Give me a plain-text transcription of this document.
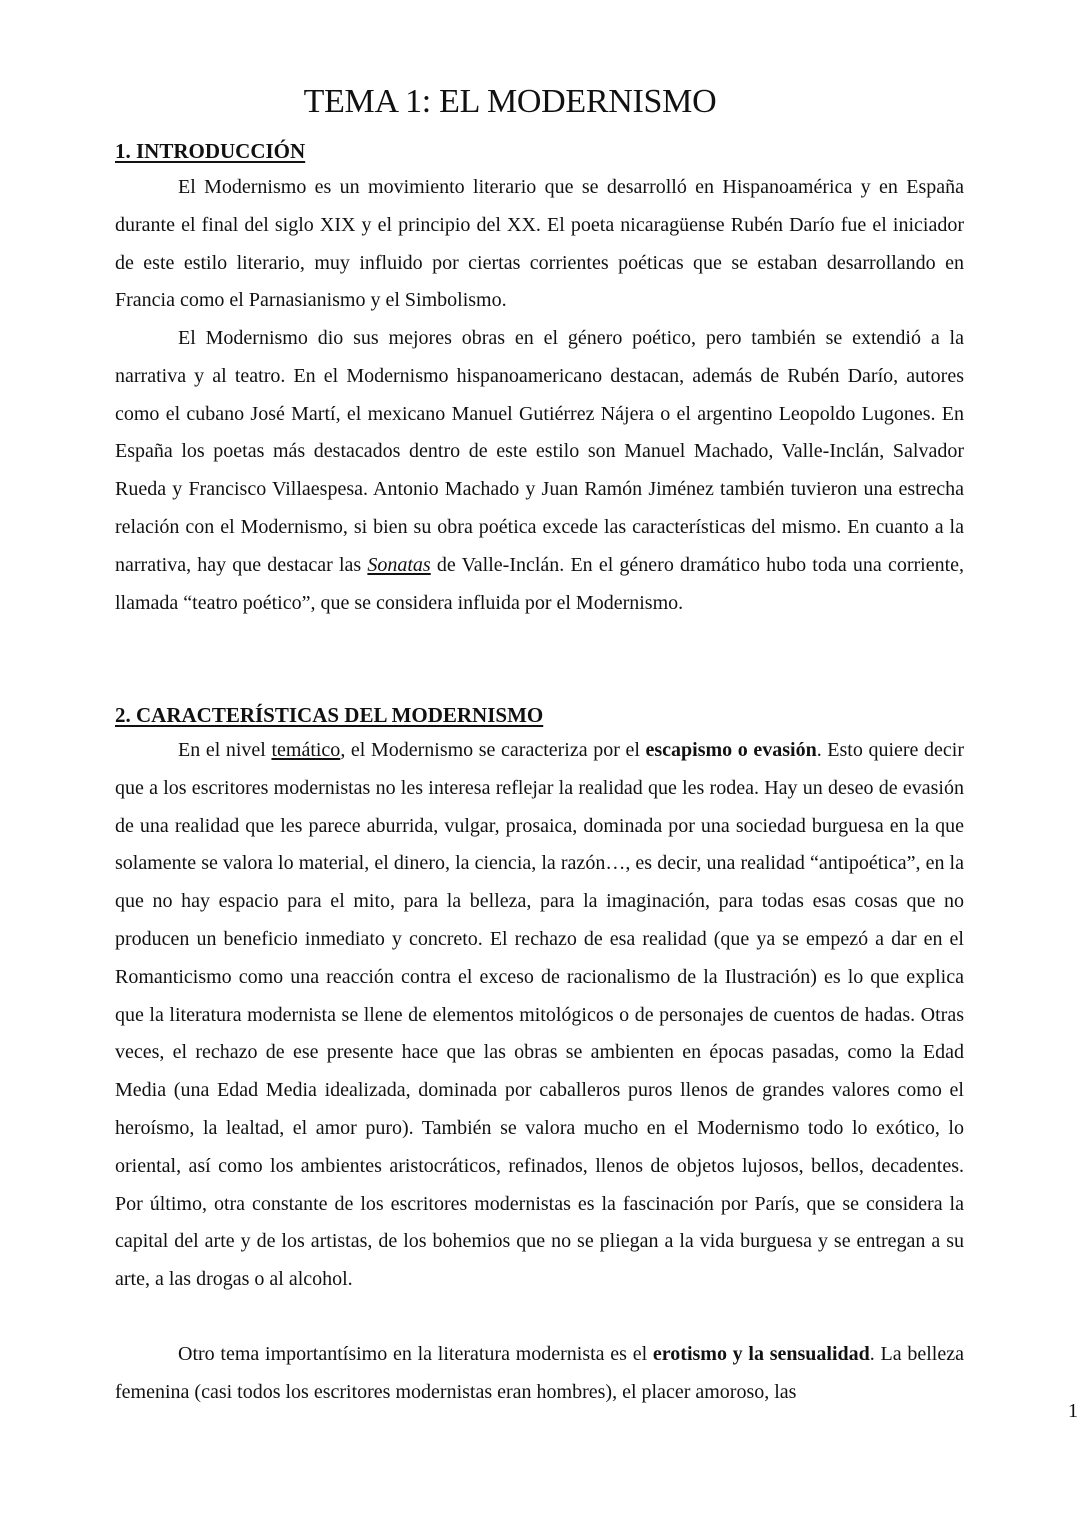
TEMA 1: EL MODERNISMO
1. INTRODUCCIÓN

El Modernismo es un movimiento literario que se desarrolló en Hispanoamérica y en España durante el final del siglo XIX y el principio del XX. El poeta nicaragüense Rubén Darío fue el iniciador de este estilo literario, muy influido por ciertas corrientes poéticas que se estaban desarrollando en Francia como el Parnasianismo y el Simbolismo.

El Modernismo dio sus mejores obras en el género poético, pero también se extendió a la narrativa y al teatro. En el Modernismo hispanoamericano destacan, además de Rubén Darío, autores como el cubano José Martí, el mexicano Manuel Gutiérrez Nájera o el argentino Leopoldo Lugones. En España los poetas más destacados dentro de este estilo son Manuel Machado, Valle-Inclán, Salvador Rueda y Francisco Villaespesa. Antonio Machado y Juan Ramón Jiménez también tuvieron una estrecha relación con el Modernismo, si bien su obra poética excede las características del mismo. En cuanto a la narrativa, hay que destacar las Sonatas de Valle-Inclán. En el género dramático hubo toda una corriente, llamada “teatro poético”, que se considera influida por el Modernismo.

2. CARACTERÍSTICAS DEL MODERNISMO

En el nivel temático, el Modernismo se caracteriza por el escapismo o evasión. Esto quiere decir que a los escritores modernistas no les interesa reflejar la realidad que les rodea. Hay un deseo de evasión de una realidad que les parece aburrida, vulgar, prosaica, dominada por una sociedad burguesa en la que solamente se valora lo material, el dinero, la ciencia, la razón…, es decir, una realidad “antipoética”, en la que no hay espacio para el mito, para la belleza, para la imaginación, para todas esas cosas que no producen un beneficio inmediato y concreto. El rechazo de esa realidad (que ya se empezó a dar en el Romanticismo como una reacción contra el exceso de racionalismo de la Ilustración) es lo que explica que la literatura modernista se llene de elementos mitológicos o de personajes de cuentos de hadas. Otras veces, el rechazo de ese presente hace que las obras se ambienten en épocas pasadas, como la Edad Media (una Edad Media idealizada, dominada por caballeros puros llenos de grandes valores como el heroísmo, la lealtad, el amor puro). También se valora mucho en el Modernismo todo lo exótico, lo oriental, así como los ambientes aristocráticos, refinados, llenos de objetos lujosos, bellos, decadentes. Por último, otra constante de los escritores modernistas es la fascinación por París, que se considera la capital del arte y de los artistas, de los bohemios que no se pliegan a la vida burguesa y se entregan a su arte, a las drogas o al alcohol.

Otro tema importantísimo en la literatura modernista es el erotismo y la sensualidad. La belleza femenina (casi todos los escritores modernistas eran hombres), el placer amoroso, las

1
